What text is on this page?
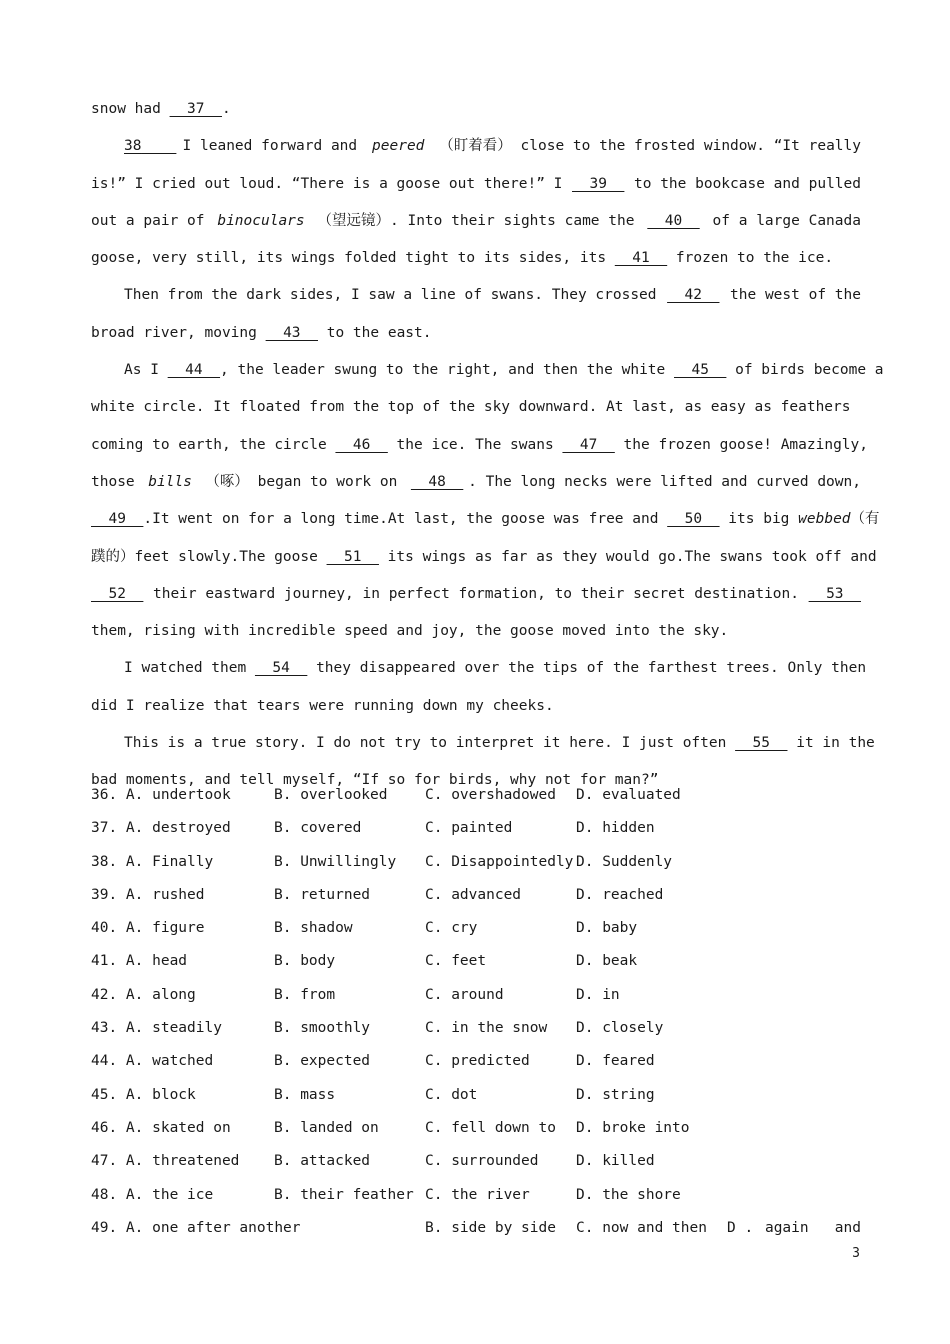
snow had 37 .
38	I leaned forward and peered （盯着看） close to the frosted window. “It really
is!” I cried out loud. “There is a goose out there!” I 39 to the bookcase and pulled
out a pair of binoculars （望远镜）. Into their sights came the 40 of a large Canada
goose, very still, its wings folded tight to its sides, its 41 frozen to the ice.
Then from the dark sides, I saw a line of swans. They crossed 42 the west of the
broad river, moving 43 to the east.
As I 44 , the leader swung to the right, and then the white 45 of birds become a
white circle. It floated from the top of the sky downward. At last, as easy as feathers
coming to earth, the circle 46 the ice. The swans 47 the frozen goose! Amazingly,
those bills （啄） began to work on 48 . The long necks were lifted and curved down,
49 .It went on for a long time.At last, the goose was free and 50 its big webbed （有
蹼的）feet slowly.The goose 51 its wings as far as they would go.The swans took off and
52 their eastward journey, in perfect formation, to their secret destination. 53
them, rising with incredible speed and joy, the goose moved into the sky.
I watched them 54 they disappeared over the tips of the farthest trees. Only then
did I realize that tears were running down my cheeks.
This is a true story. I do not try to interpret it here. I just often 55 it in the
bad moments, and tell myself, “If so for birds, why not for man?”
36. A. undertook	B. overlooked	C. overshadowed D. evaluated
37. A. destroyed	B. covered	C. painted	D. hidden
38. A. Finally	B. Unwillingly C. Disappointedly D. Suddenly
39. A. rushed	B. returned	C. advanced	D. reached
40. A. figure	B. shadow	C. cry	D. baby
41. A. head	B. body	C. feet	D. beak
42. A. along	B. from	C. around	D. in
43. A. steadily	B. smoothly	C. in the snow D. closely
44. A. watched	B. expected	C. predicted	D. feared
45. A. block	B. mass	C. dot	D. string
46. A. skated on	B. landed on	C. fell down to D. broke into
47. A. threatened B. attacked	C. surrounded	D. killed
48. A. the ice	B. their feather C. the river	D. the shore
49. A. one after another	B. side by side C. now and then D . again   and
3
